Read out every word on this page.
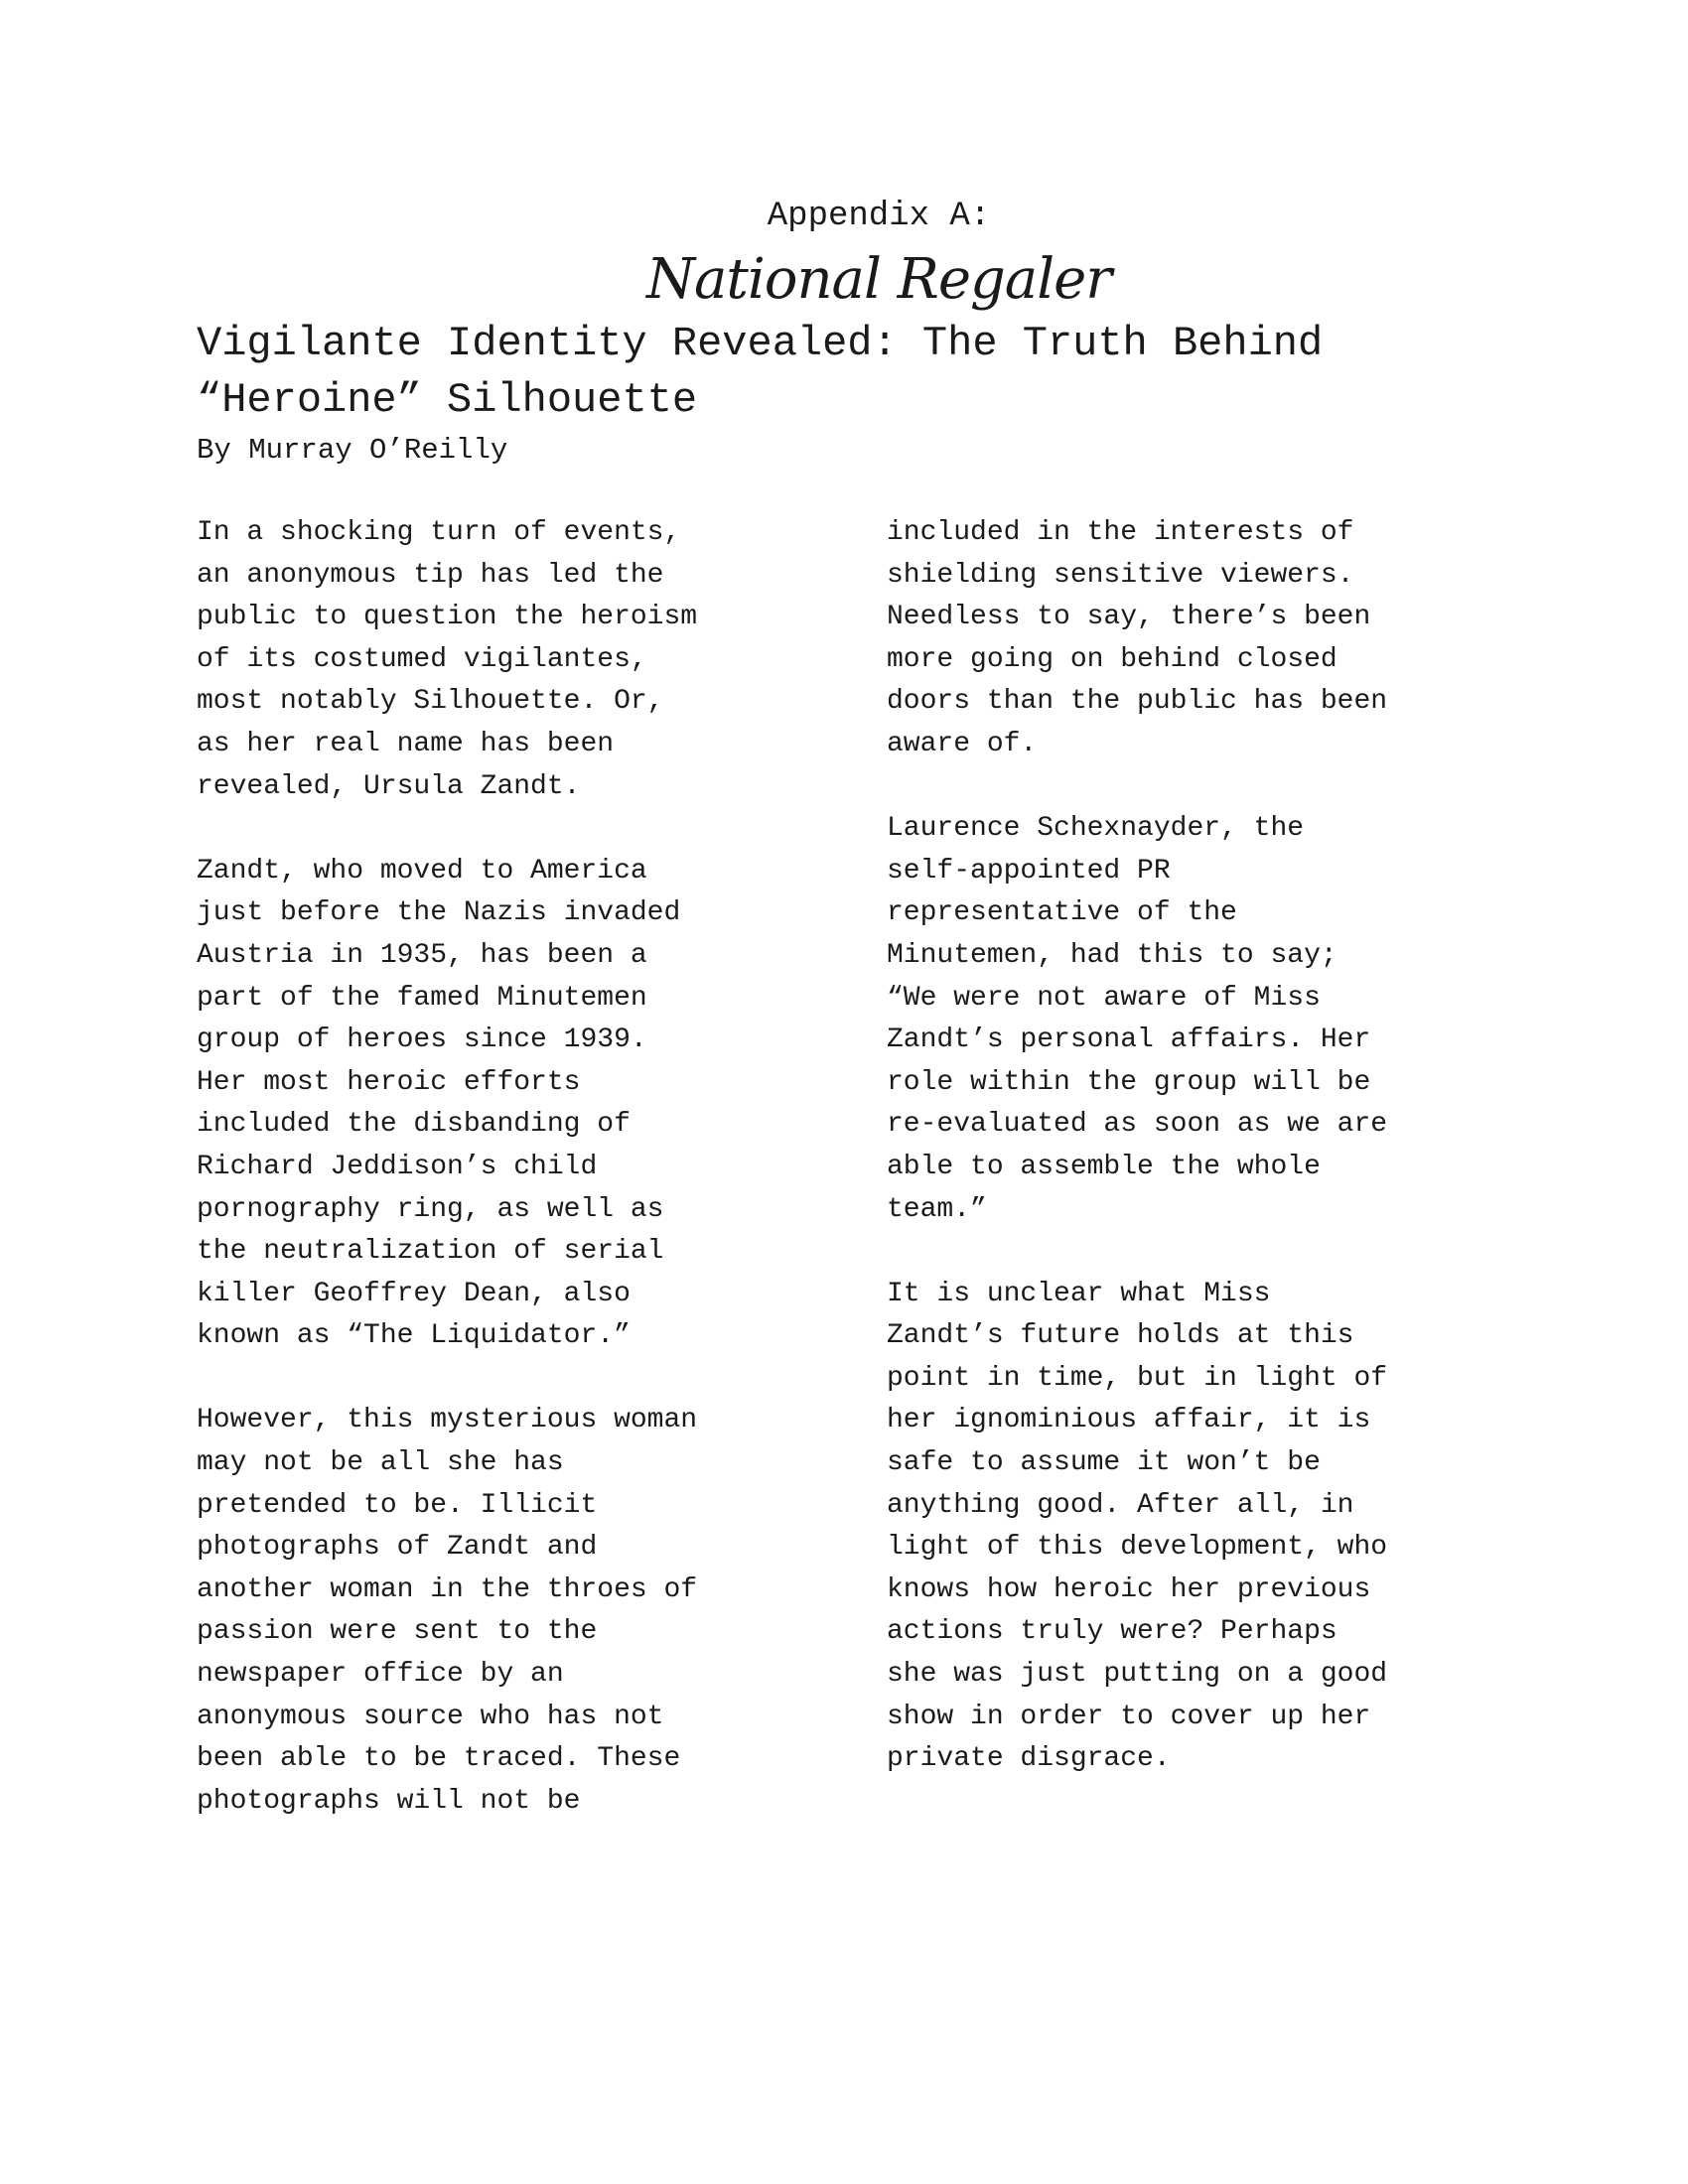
Appendix A:
National Regaler
Vigilante Identity Revealed: The Truth Behind
“Heroine” Silhouette
By Murray O’Reilly

In a shocking turn of events,
an anonymous tip has led the
public to question the heroism
of its costumed vigilantes,
most notably Silhouette. Or,
as her real name has been
revealed, Ursula Zandt.

Zandt, who moved to America
just before the Nazis invaded
Austria in 1935, has been a
part of the famed Minutemen
group of heroes since 1939.
Her most heroic efforts
included the disbanding of
Richard Jeddison’s child
pornography ring, as well as
the neutralization of serial
killer Geoffrey Dean, also
known as “The Liquidator.”

However, this mysterious woman
may not be all she has
pretended to be. Illicit
photographs of Zandt and
another woman in the throes of
passion were sent to the
newspaper office by an
anonymous source who has not
been able to be traced. These
photographs will not be

included in the interests of
shielding sensitive viewers.
Needless to say, there’s been
more going on behind closed
doors than the public has been
aware of.

Laurence Schexnayder, the
self-appointed PR
representative of the
Minutemen, had this to say;
“We were not aware of Miss
Zandt’s personal affairs. Her
role within the group will be
re-evaluated as soon as we are
able to assemble the whole
team.”

It is unclear what Miss
Zandt’s future holds at this
point in time, but in light of
her ignominious affair, it is
safe to assume it won’t be
anything good. After all, in
light of this development, who
knows how heroic her previous
actions truly were? Perhaps
she was just putting on a good
show in order to cover up her
private disgrace.
